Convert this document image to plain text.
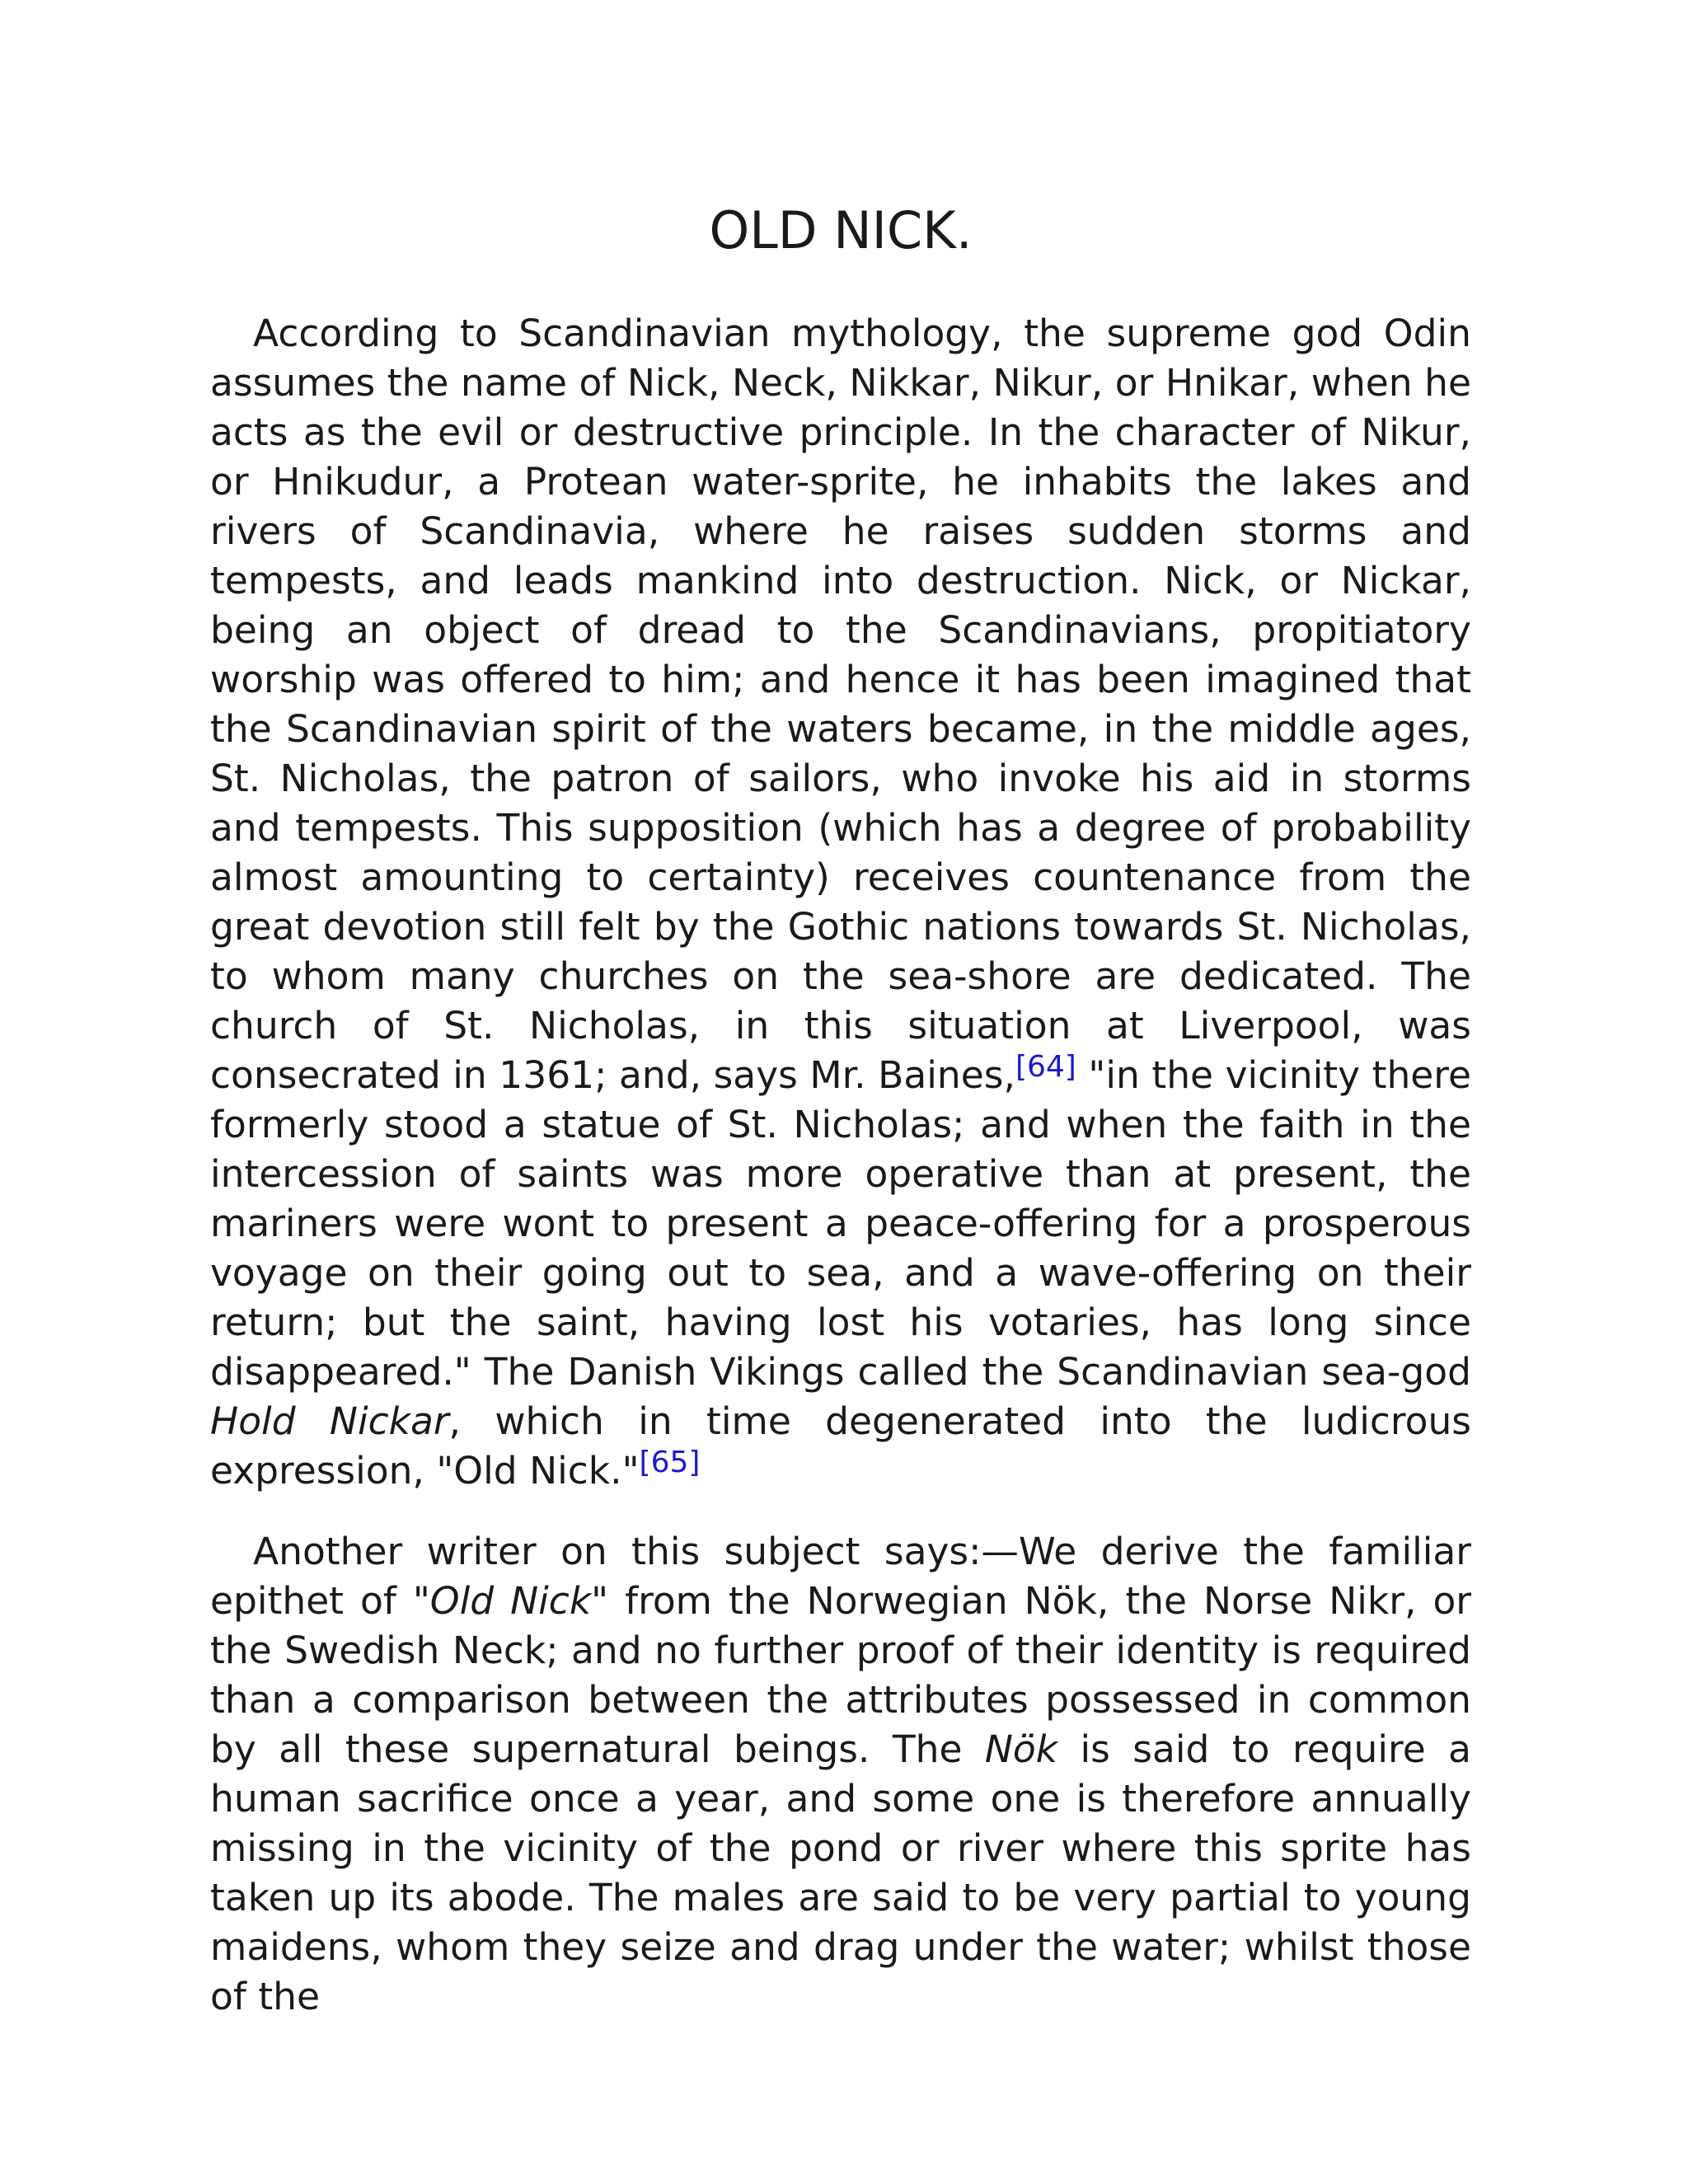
OLD NICK.

According to Scandinavian mythology, the supreme god Odin assumes the name of Nick, Neck, Nikkar, Nikur, or Hnikar, when he acts as the evil or destructive principle. In the character of Nikur, or Hnikudur, a Protean water-sprite, he inhabits the lakes and rivers of Scandinavia, where he raises sudden storms and tempests, and leads mankind into destruction. Nick, or Nickar, being an object of dread to the Scandinavians, propitiatory worship was offered to him; and hence it has been imagined that the Scandinavian spirit of the waters became, in the middle ages, St. Nicholas, the patron of sailors, who invoke his aid in storms and tempests. This supposition (which has a degree of probability almost amounting to certainty) receives countenance from the great devotion still felt by the Gothic nations towards St. Nicholas, to whom many churches on the sea-shore are dedicated. The church of St. Nicholas, in this situation at Liverpool, was consecrated in 1361; and, says Mr. Baines,[64] "in the vicinity there formerly stood a statue of St. Nicholas; and when the faith in the intercession of saints was more operative than at present, the mariners were wont to present a peace-offering for a prosperous voyage on their going out to sea, and a wave-offering on their return; but the saint, having lost his votaries, has long since disappeared." The Danish Vikings called the Scandinavian sea-god Hold Nickar, which in time degenerated into the ludicrous expression, "Old Nick."[65]

Another writer on this subject says:—We derive the familiar epithet of "Old Nick" from the Norwegian Nök, the Norse Nikr, or the Swedish Neck; and no further proof of their identity is required than a comparison between the attributes possessed in common by all these supernatural beings. The Nök is said to require a human sacrifice once a year, and some one is therefore annually missing in the vicinity of the pond or river where this sprite has taken up its abode. The males are said to be very partial to young maidens, whom they seize and drag under the water; whilst those of the
